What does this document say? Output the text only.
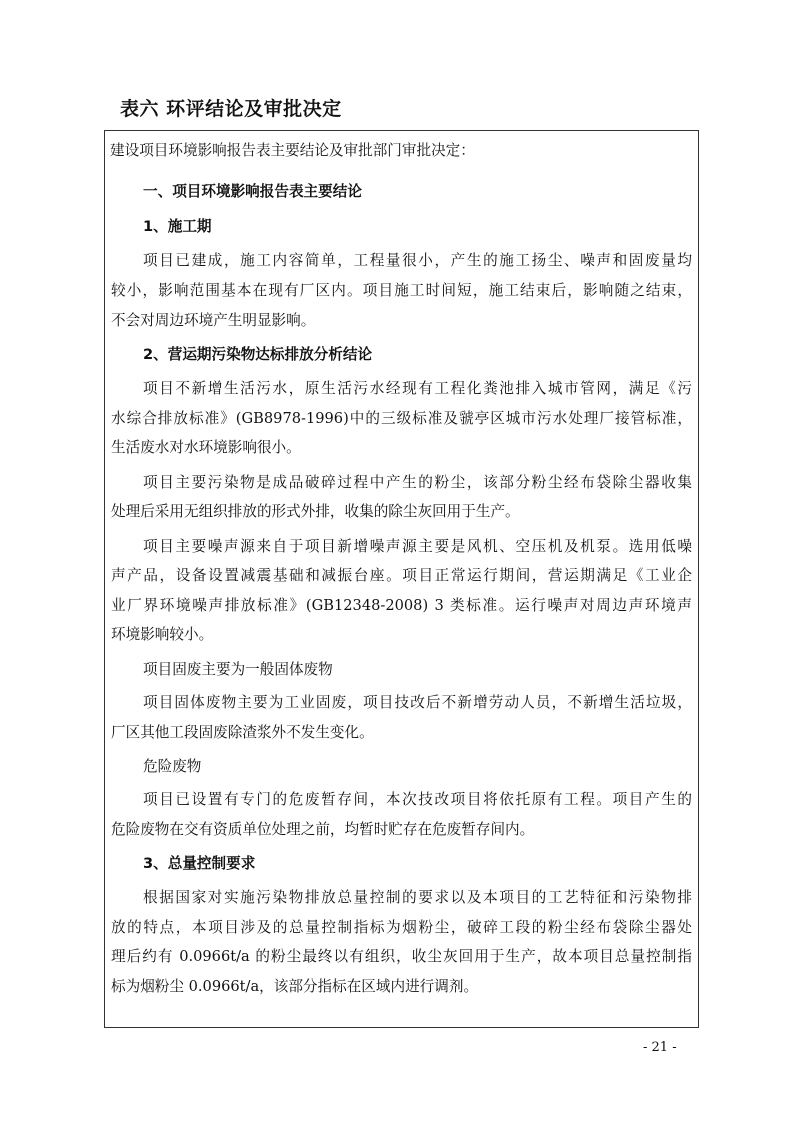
表六 环评结论及审批决定
建设项目环境影响报告表主要结论及审批部门审批决定：
一、项目环境影响报告表主要结论
1、施工期
项目已建成，施工内容简单，工程量很小，产生的施工扬尘、噪声和固废量均
较小，影响范围基本在现有厂区内。项目施工时间短，施工结束后，影响随之结束，
不会对周边环境产生明显影响。
2、营运期污染物达标排放分析结论
项目不新增生活污水，原生活污水经现有工程化粪池排入城市管网，满足《污
水综合排放标准》(GB8978-1996)中的三级标准及虢亭区城市污水处理厂接管标准，
生活废水对水环境影响很小。
项目主要污染物是成品破碎过程中产生的粉尘，该部分粉尘经布袋除尘器收集
处理后采用无组织排放的形式外排，收集的除尘灰回用于生产。
项目主要噪声源来自于项目新增噪声源主要是风机、空压机及机泵。选用低噪
声产品，设备设置减震基础和减振台座。项目正常运行期间，营运期满足《工业企
业厂界环境噪声排放标准》(GB12348-2008) 3 类标准。运行噪声对周边声环境声
环境影响较小。
项目固废主要为一般固体废物
项目固体废物主要为工业固废，项目技改后不新增劳动人员，不新增生活垃圾，
厂区其他工段固废除渣浆外不发生变化。
危险废物
项目已设置有专门的危废暂存间，本次技改项目将依托原有工程。项目产生的
危险废物在交有资质单位处理之前，均暂时贮存在危废暂存间内。
3、总量控制要求
根据国家对实施污染物排放总量控制的要求以及本项目的工艺特征和污染物排
放的特点，本项目涉及的总量控制指标为烟粉尘，破碎工段的粉尘经布袋除尘器处
理后约有 0.0966t/a 的粉尘最终以有组织，收尘灰回用于生产，故本项目总量控制指
标为烟粉尘 0.0966t/a，该部分指标在区域内进行调剂。
- 21 -
